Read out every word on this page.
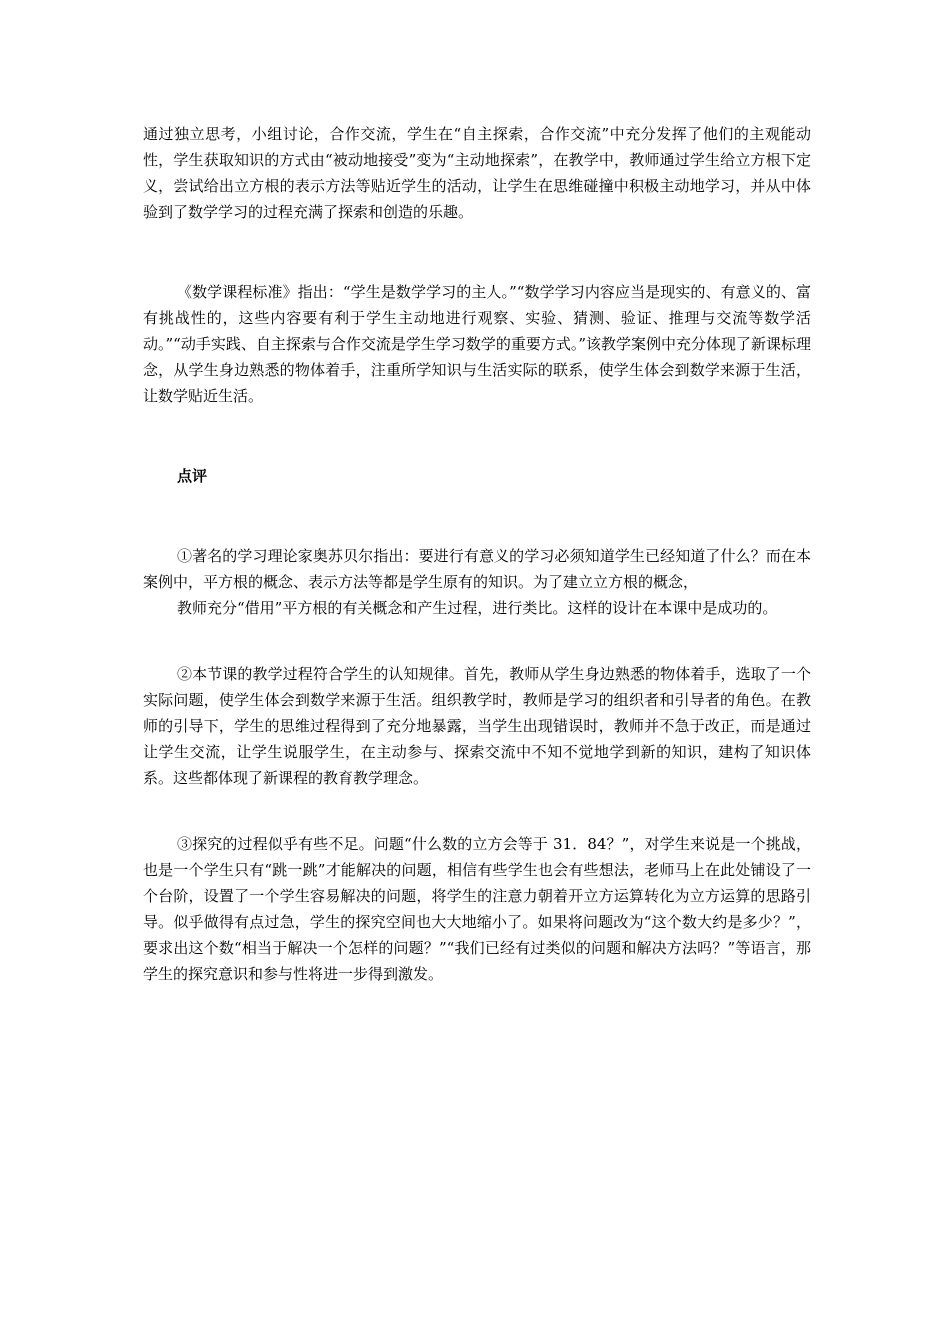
通过独立思考，小组讨论，合作交流，学生在“自主探索，合作交流”中充分发挥了他们的主观能动性，学生获取知识的方式由“被动地接受”变为“主动地探索”，在教学中，教师通过学生给立方根下定义，尝试给出立方根的表示方法等贴近学生的活动，让学生在思维碰撞中积极主动地学习，并从中体验到了数学学习的过程充满了探索和创造的乐趣。

《数学课程标准》指出：“学生是数学学习的主人。”“数学学习内容应当是现实的、有意义的、富有挑战性的，这些内容要有利于学生主动地进行观察、实验、猜测、验证、推理与交流等数学活动。”“动手实践、自主探索与合作交流是学生学习数学的重要方式。”该教学案例中充分体现了新课标理念，从学生身边熟悉的物体着手，注重所学知识与生活实际的联系，使学生体会到数学来源于生活，让数学贴近生活。

点评

①著名的学习理论家奥苏贝尔指出：要进行有意义的学习必须知道学生已经知道了什么？而在本案例中，平方根的概念、表示方法等都是学生原有的知识。为了建立立方根的概念，

教师充分“借用”平方根的有关概念和产生过程，进行类比。这样的设计在本课中是成功的。

②本节课的教学过程符合学生的认知规律。首先，教师从学生身边熟悉的物体着手，选取了一个实际问题，使学生体会到数学来源于生活。组织教学时，教师是学习的组织者和引导者的角色。在教师的引导下，学生的思维过程得到了充分地暴露，当学生出现错误时，教师并不急于改正，而是通过让学生交流，让学生说服学生，在主动参与、探索交流中不知不觉地学到新的知识，建构了知识体系。这些都体现了新课程的教育教学理念。

③探究的过程似乎有些不足。问题“什么数的立方会等于 31．84？”，对学生来说是一个挑战，也是一个学生只有“跳一跳”才能解决的问题，相信有些学生也会有些想法，老师马上在此处铺设了一个台阶，设置了一个学生容易解决的问题，将学生的注意力朝着开立方运算转化为立方运算的思路引导。似乎做得有点过急，学生的探究空间也大大地缩小了。如果将问题改为“这个数大约是多少？”，要求出这个数“相当于解决一个怎样的问题？”“我们已经有过类似的问题和解决方法吗？”等语言，那学生的探究意识和参与性将进一步得到激发。
